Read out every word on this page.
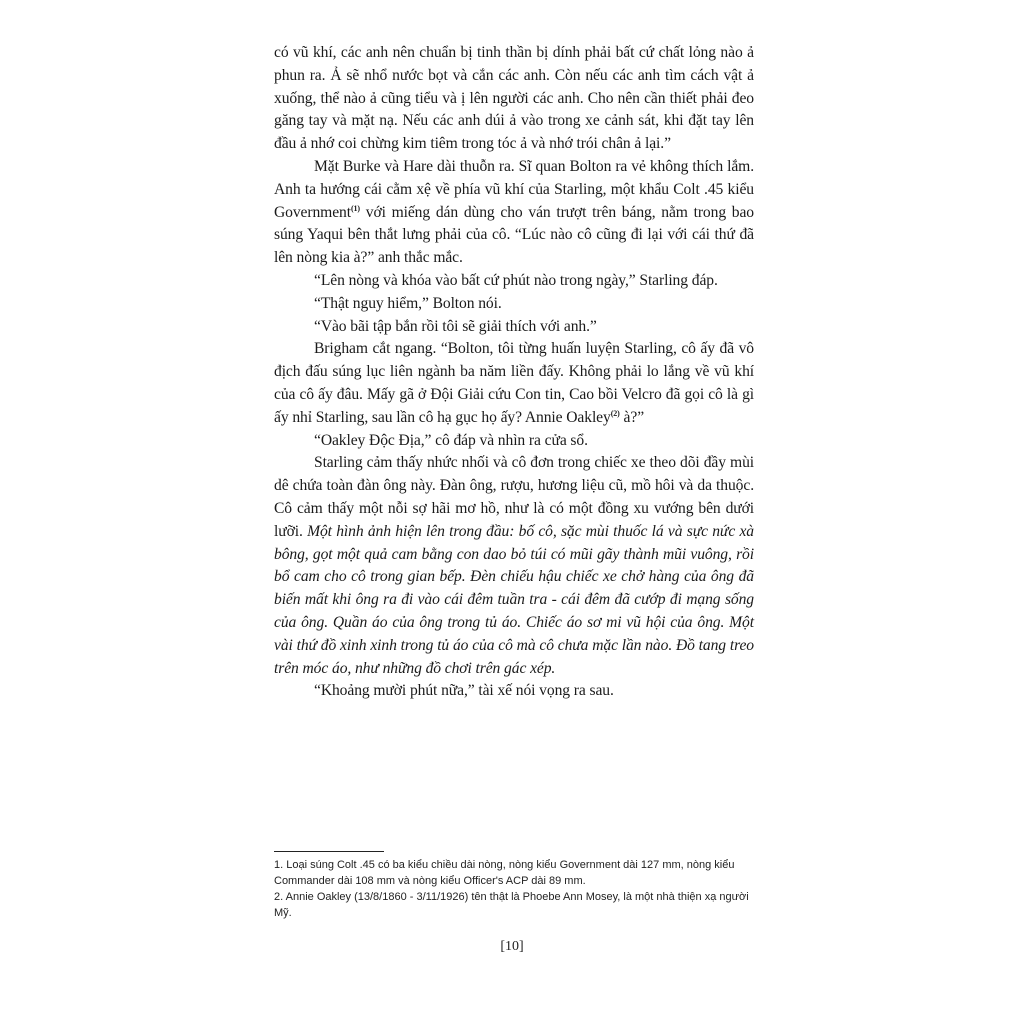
có vũ khí, các anh nên chuẩn bị tinh thần bị dính phải bất cứ chất lỏng nào ả phun ra. Ả sẽ nhổ nước bọt và cắn các anh. Còn nếu các anh tìm cách vật ả xuống, thể nào ả cũng tiểu và ị lên người các anh. Cho nên cần thiết phải đeo găng tay và mặt nạ. Nếu các anh dúi ả vào trong xe cảnh sát, khi đặt tay lên đầu ả nhớ coi chừng kim tiêm trong tóc ả và nhớ trói chân ả lại.”

Mặt Burke và Hare dài thuỗn ra. Sĩ quan Bolton ra vẻ không thích lắm. Anh ta hướng cái cằm xệ về phía vũ khí của Starling, một khẩu Colt .45 kiểu Government$^{(1)}$ với miếng dán dùng cho ván trượt trên báng, nằm trong bao súng Yaqui bên thắt lưng phải của cô. “Lúc nào cô cũng đi lại với cái thứ đã lên nòng kia à?” anh thắc mắc.

“Lên nòng và khóa vào bất cứ phút nào trong ngày,” Starling đáp.

“Thật nguy hiểm,” Bolton nói.

“Vào bãi tập bắn rồi tôi sẽ giải thích với anh.”

Brigham cắt ngang. “Bolton, tôi từng huấn luyện Starling, cô ấy đã vô địch đấu súng lục liên ngành ba năm liền đấy. Không phải lo lắng về vũ khí của cô ấy đâu. Mấy gã ở Đội Giải cứu Con tin, Cao bồi Velcro đã gọi cô là gì ấy nhỉ Starling, sau lần cô hạ gục họ ấy? Annie Oakley$^{(2)}$ à?”

“Oakley Độc Địa,” cô đáp và nhìn ra cửa sổ.

Starling cảm thấy nhức nhối và cô đơn trong chiếc xe theo dõi đầy mùi dê chứa toàn đàn ông này. Đàn ông, rượu, hương liệu cũ, mồ hôi và da thuộc. Cô cảm thấy một nỗi sợ hãi mơ hồ, như là có một đồng xu vướng bên dưới lưỡi. Một hình ảnh hiện lên trong đầu: bố cô, sặc mùi thuốc lá và sực nức xà bông, gọt một quả cam bằng con dao bỏ túi có mũi gãy thành mũi vuông, rồi bổ cam cho cô trong gian bếp. Đèn chiếu hậu chiếc xe chở hàng của ông đã biến mất khi ông ra đi vào cái đêm tuần tra - cái đêm đã cướp đi mạng sống của ông. Quần áo của ông trong tủ áo. Chiếc áo sơ mi vũ hội của ông. Một vài thứ đồ xinh xinh trong tủ áo của cô mà cô chưa mặc lần nào. Đồ tang treo trên móc áo, như những đồ chơi trên gác xép.

“Khoảng mười phút nữa,” tài xế nói vọng ra sau.

1. Loại súng Colt .45 có ba kiểu chiều dài nòng, nòng kiểu Government dài 127 mm, nòng kiểu Commander dài 108 mm và nòng kiểu Officer's ACP dài 89 mm.

2. Annie Oakley (13/8/1860 - 3/11/1926) tên thật là Phoebe Ann Mosey, là một nhà thiện xạ người Mỹ.

[10]
